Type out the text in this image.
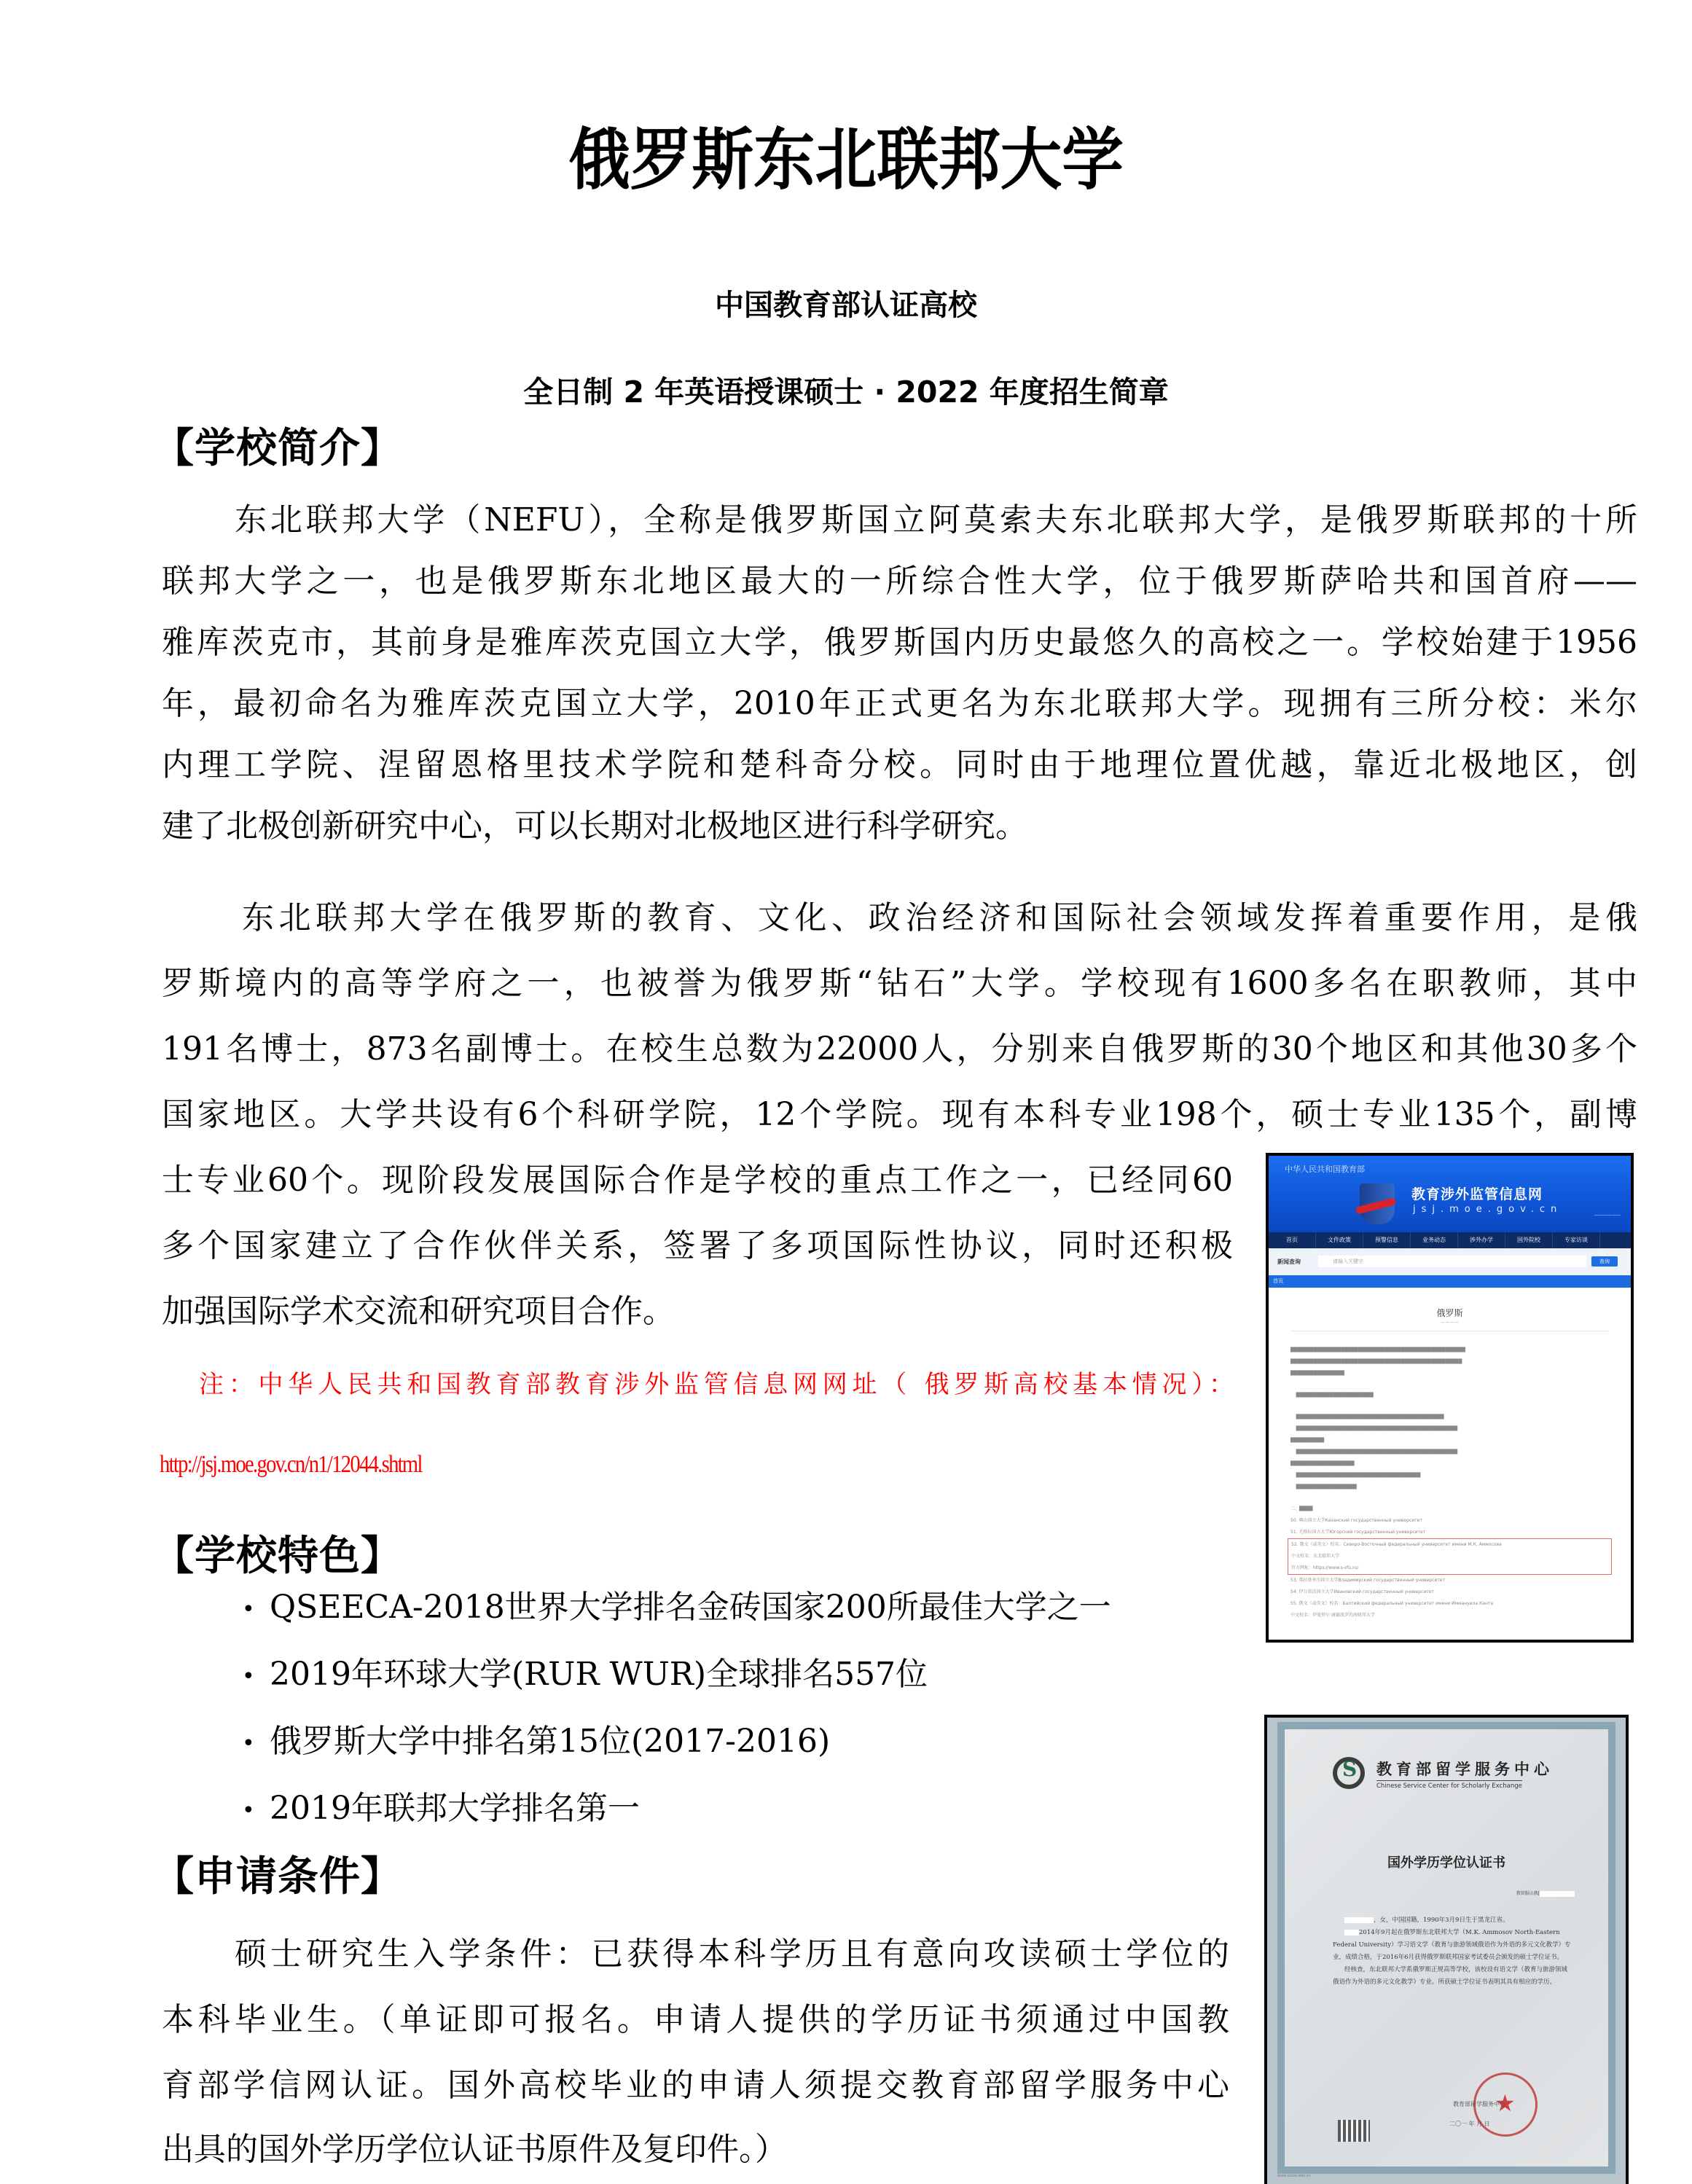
俄罗斯东北联邦大学
中国教育部认证高校
全日制 2 年英语授课硕士 · 2022 年度招生简章
【学校简介】
东北联邦大学（NEFU），全称是俄罗斯国立阿莫索夫东北联邦大学，是俄罗斯联邦的十所
联邦大学之一，也是俄罗斯东北地区最大的一所综合性大学，位于俄罗斯萨哈共和国首府——
雅库茨克市，其前身是雅库茨克国立大学，俄罗斯国内历史最悠久的高校之一。学校始建于1956
年，最初命名为雅库茨克国立大学，2010年正式更名为东北联邦大学。现拥有三所分校：米尔
内理工学院、涅留恩格里技术学院和楚科奇分校。同时由于地理位置优越，靠近北极地区，创
建了北极创新研究中心，可以长期对北极地区进行科学研究。
东北联邦大学在俄罗斯的教育、文化、政治经济和国际社会领域发挥着重要作用，是俄
罗斯境内的高等学府之一，也被誉为俄罗斯“钻石”大学。学校现有1600多名在职教师，其中
191名博士，873名副博士。在校生总数为22000人，分别来自俄罗斯的30个地区和其他30多个
国家地区。大学共设有6个科研学院，12个学院。现有本科专业198个，硕士专业135个，副博
士专业60个。现阶段发展国际合作是学校的重点工作之一，已经同60
多个国家建立了合作伙伴关系，签署了多项国际性协议，同时还积极
加强国际学术交流和研究项目合作。
注：中华人民共和国教育部教育涉外监管信息网网址（ 俄罗斯高校基本情况）：
http://jsj.moe.gov.cn/n1/12044.shtml
【学校特色】
• QSEECA-2018世界大学排名金砖国家200所最佳大学之一
• 2019年环球大学(RUR WUR)全球排名557位
• 俄罗斯大学中排名第15位(2017-2016)
• 2019年联邦大学排名第一
【申请条件】
硕士研究生入学条件：已获得本科学历且有意向攻读硕士学位的
本科毕业生。（单证即可报名。申请人提供的学历证书须通过中国教
育部学信网认证。国外高校毕业的申请人须提交教育部留学服务中心
出具的国外学历学位认证书原件及复印件。）
中华人民共和国教育部
教育涉外监管信息网
jsj.moe.gov.cn
——————
首页	文件政策	预警信息	业务动态	涉外办学	国外院校	专家访谈
新闻查询	请输入关键字	查询
首页
俄罗斯
— — — —
████████████████████████████████████████████████████
███████████████████████████████████████████████████
████████████████
███████████████████████
████████████████████████████████████████████
████████████████████████████████████████████████
██████████
████████████████████████████████████████████████
███████████████████
█████████████████████████████████████
██████████████████
二、████
50. 喀山国立大学Казанский государственный университет
51. 尤格拉国立大学Югорский государственный университет
52. 俄文（或英文）校名：Северо-Восточный федеральный университет имени М.К. Аммосова
中文校名：东北联邦大学
官方网址：https://www.s-vfu.ru/
53. 弗拉基米尔国立大学Владимирский государственный университет
54. 伊万诺沃国立大学Ивановский государственный университет
55. 俄文（或英文）校名：Балтийский федеральный университет имени Иммануила Канта
中文校名：伊曼努尔·康德波罗的海联邦大学
S
教育部留学服务中心
Chinese Service Center for Scholarly Exchange
国外学历学位认证书
教留服认俄[
，女，中国国籍，1990年3月9日生于黑龙江省。
2014年9月起在俄罗斯东北联邦大学（M.K. Ammosov North-Eastern Federal University）学习语文学（教育与旅游领域俄语作为外语的多元文化教学）专业，成绩合格，于2016年6月获得俄罗斯联邦国家考试委员会颁发的硕士学位证书。
经核查，东北联邦大学系俄罗斯正规高等学校，该校设有语文学（教育与旅游领域俄语作为外语的多元文化教学）专业。所获硕士学位证书表明其具有相应的学历。
★
教育部留学服务中心
二〇一 年 月 日
www.cscse.edu.cn
